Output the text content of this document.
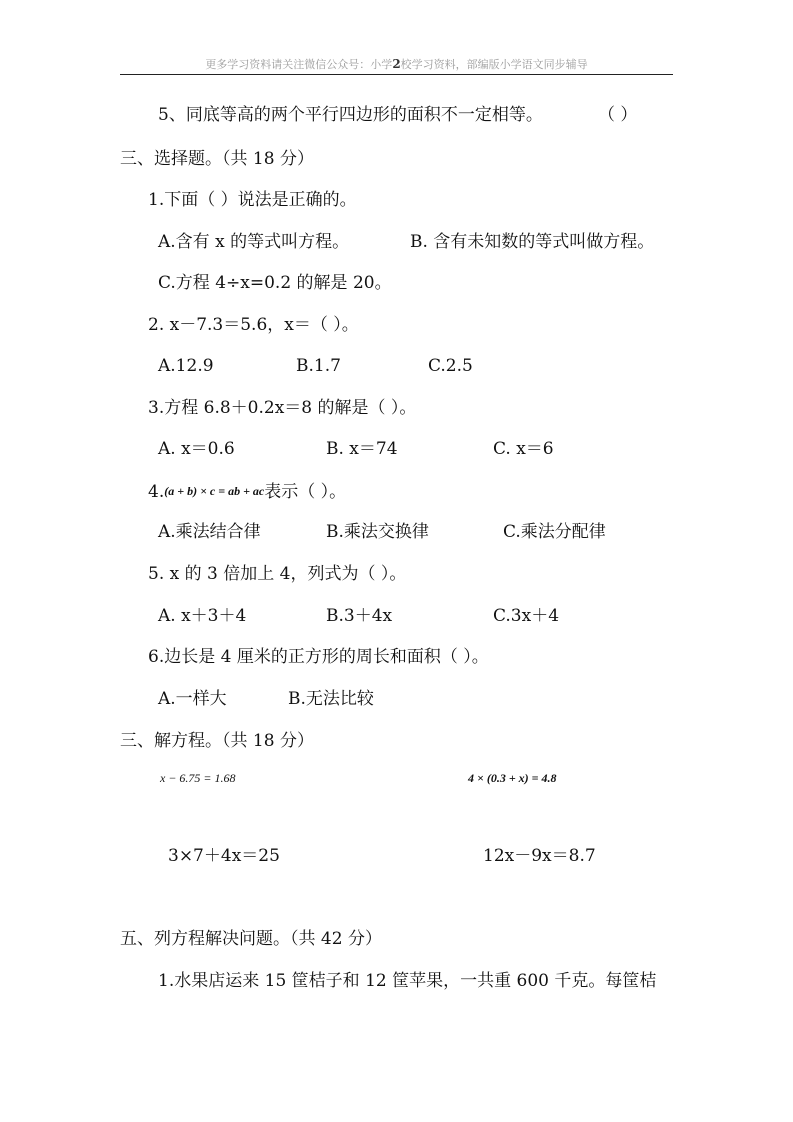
更多学习资料请关注微信公众号：小学2校学习资料，部编版小学语文同步辅导
5、同底等高的两个平行四边形的面积不一定相等。	（ ）
三、选择题。（共 18 分）
1.下面（ ）说法是正确的。
A.含有 x 的等式叫方程。	B. 含有未知数的等式叫做方程。
C.方程 4÷x=0.2 的解是 20。
2. x－7.3＝5.6，x＝（ ）。
A.12.9	B.1.7	C.2.5
3.方程 6.8＋0.2x＝8 的解是（ ）。
A. x＝0.6	B. x＝74	C. x＝6
4.(a + b) × c = ab + ac表示（ ）。
A.乘法结合律	B.乘法交换律	C.乘法分配律
5. x 的 3 倍加上 4，列式为（ ）。
A. x＋3＋4	B.3＋4x	C.3x＋4
6.边长是 4 厘米的正方形的周长和面积（ ）。
A.一样大	B.无法比较
三、解方程。（共 18 分）
x − 6.75 = 1.68	4 × (0.3 + x) = 4.8
3×7＋4x＝25	12x－9x＝8.7
五、列方程解决问题。（共 42 分）
1.水果店运来 15 筐桔子和 12 筐苹果，一共重 600 千克。每筐桔
